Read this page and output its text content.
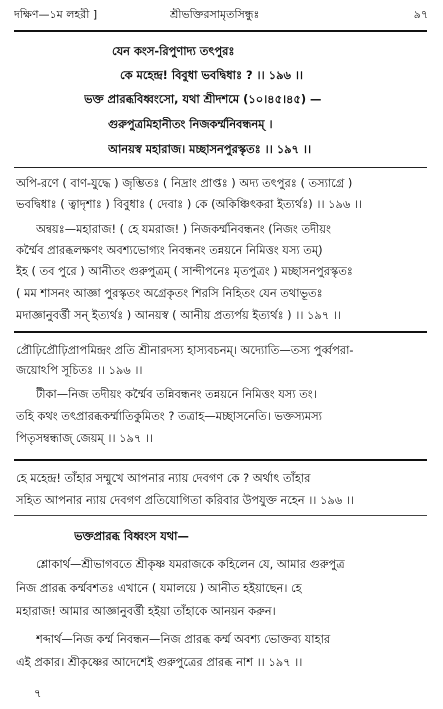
দক্ষিণ—১ম লহরী ]	শ্রীভক্তিরসামৃতসিন্ধুঃ	৯৭
যেন কংস-রিপুণাদ্য তৎপুরঃ
কে মহেন্দ্র! বিবুধা ভবদ্বিধাঃ ? ।। ১৯৬ ।।
ভক্ত প্রারব্ধবিধ্বংসো, যথা শ্রীদশমে (১০।৪৫।৪৫) —
গুরুপুত্রমিহানীতং নিজকর্ম্মনিবন্ধনম্ ।
আনয়স্ব মহারাজ। মচ্ছাসনপুরস্কৃতঃ ।। ১৯৭ ।।
অপি-রণে ( বাণ-যুদ্ধে ) জৃম্ভিতঃ ( নিদ্রাং প্রাপ্তঃ ) অদ্য তৎপুরঃ ( তস্যাগ্রে )
ভবদ্বিধাঃ ( ত্বাদৃশাঃ ) বিবুধাঃ ( দেবাঃ ) কে (অকিঞ্চিৎকরা ইত্যর্থঃ) ।। ১৯৬ ।।
অন্বয়ঃ—মহারাজ! ( হে যমরাজ! ) নিজকর্ম্মনিবন্ধনং (নিজং তদীয়ং
কর্ম্মৈব প্রারব্ধলক্ষণং অবশ্যভোগ্যং নিবন্ধনং তন্নয়নে নিমিত্তং যস্য তম্)
ইহ ( তব পুরে ) আনীতং গুরুপুত্রম্ ( সান্দীপনেঃ মৃতপুত্রং ) মচ্ছাসনপুরস্কৃতঃ
( মম শাসনং আজ্ঞা পুরস্কৃতং অগ্রেকৃতং শিরসি নিহিতং যেন তথাভূতঃ
মদাজ্ঞানুবর্ত্তী সন্ ইত্যর্থঃ ) আনয়স্ব ( আনীয় প্রত্যর্পয় ইত্যর্থঃ ) ।। ১৯৭ ।।
প্রৌঢ়িপ্রৌঢ়িপ্রাপমিন্দ্রং প্রতি শ্রীনারদস্য হাস্যবচনম্। অদ্যোতি—তস্য পুর্ব্বপরা-
জয়োঽপি সূচিতঃ ।। ১৯৬ ।।
টীকা—নিজ তদীয়ং কর্ম্মৈব তন্নিবন্ধনং তন্নয়নে নিমিত্তং যস্য তং।
তহি কথং তৎপ্রারব্ধকর্ম্মাতিকুমিতং ? তত্রাহ—মচ্ছাসনেতি। ভক্তস্যমস্য
পিতৃসম্বন্ধাজ্ জেয়ম্ ।। ১৯৭ ।।
হে মহেন্দ্র! তাঁহার সম্মুখে আপনার ন্যায় দেবগণ কে ? অর্থাৎ তাঁহার
সহিত আপনার ন্যায় দেবগণ প্রতিযোগিতা করিবার উপযুক্ত নহেন ।। ১৯৬ ।।
ভক্তপ্রারব্ধ বিধ্বংস যথা—
শ্লোকার্থ—শ্রীভাগবতে শ্রীকৃষ্ণ যমরাজকে কহিলেন যে, আমার গুরুপুত্র
নিজ প্রারব্ধ কর্ম্মবশতঃ এখানে ( যমালয়ে ) আনীত হইয়াছেন। হে
মহারাজ! আমার আজ্ঞানুবর্ত্তী হইয়া তাঁহাকে আনয়ন করুন।
শব্দার্থ—নিজ কর্ম্ম নিবন্ধন—নিজ প্রারব্ধ কর্ম্ম অবশ্য ভোক্তব্য যাহার
এই প্রকার। শ্রীকৃষ্ণের আদেশেই গুরুপুত্রের প্রারব্ধ নাশ ।। ১৯৭ ।।
৭
